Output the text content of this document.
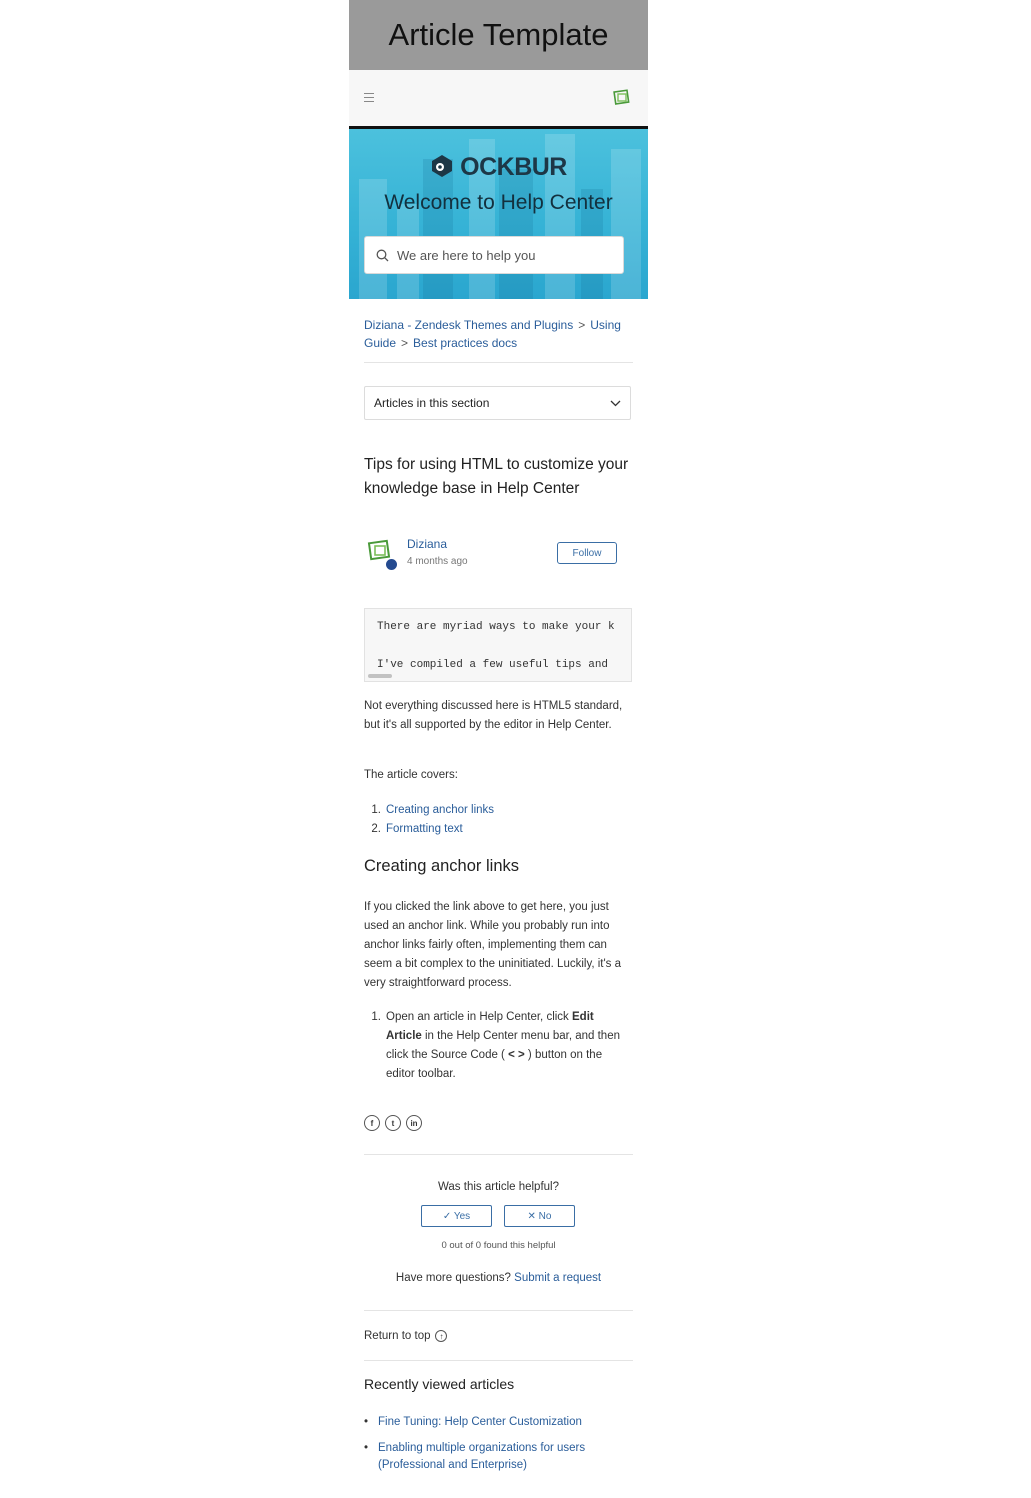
Article Template
OCKBUR
Welcome to Help Center
We are here to help you
Diziana - Zendesk Themes and Plugins > Using Guide > Best practices docs
Articles in this section
Tips for using HTML to customize your knowledge base in Help Center
Diziana
4 months ago
Follow
There are myriad ways to make your k
I've compiled a few useful tips and
Not everything discussed here is HTML5 standard, but it's all supported by the editor in Help Center.
The article covers:
1. Creating anchor links
2. Formatting text
Creating anchor links
If you clicked the link above to get here, you just used an anchor link. While you probably run into anchor links fairly often, implementing them can seem a bit complex to the uninitiated. Luckily, it's a very straightforward process.
1. Open an article in Help Center, click Edit Article in the Help Center menu bar, and then click the Source Code ( < > ) button on the editor toolbar.
f	t	in
Was this article helpful?
✓ Yes	✕ No
0 out of 0 found this helpful
Have more questions? Submit a request
Return to top	↑
Recently viewed articles
• Fine Tuning: Help Center Customization
• Enabling multiple organizations for users (Professional and Enterprise)
